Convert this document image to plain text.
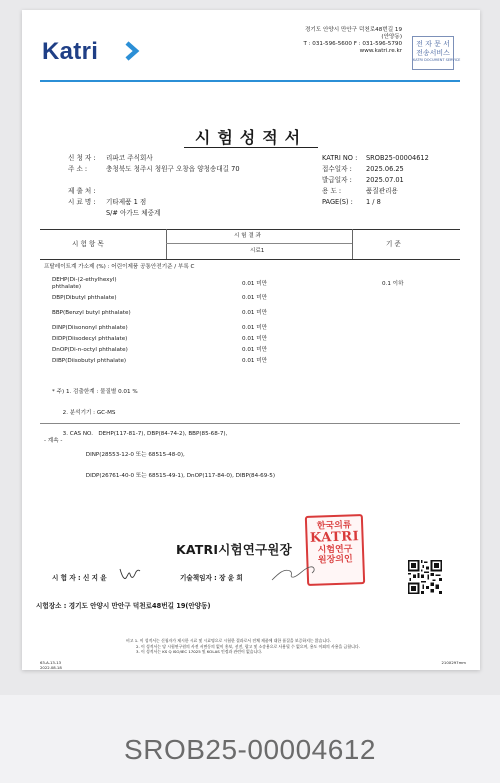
Katri
경기도 안양시 만안구 덕천로48번길 19
(안양동)
T : 031-596-5600 F : 031-596-5790
www.katri.re.kr
전 자 문 서
전송서비스
KATRI DOCUMENT SERVICE
시험성적서
신 청 자 : 리파코 주식회사
주 소 :	충청북도 청주시 청원구 오창읍 양청송대길 70
제 출 처 :
시 료 명 : 기타제품 1 점
S/# 아가드 체중계
KATRI NO : SROB25-00004612
접수일자 : 2025.06.25
발급일자 : 2025.07.01
용 도 :	품질관리용
PAGE(S) : 1 / 8
시 험 항 목
시 험 결 과
시료1
기 준
프탈레이트계 가소제 (%) : 어린이제품 공통안전기준 / 부록 C
DEHP(Di-(2-ethylhexyl)
phthalate)	0.01 미만	0.1 이하
DBP(Dibutyl phthalate)	0.01 미만
BBP(Benzyl butyl phthalate)	0.01 미만
DINP(Diisononyl phthalate)	0.01 미만
DIDP(Diisodecyl phthalate)	0.01 미만
DnOP(Di-n-octyl phthalate)	0.01 미만
DIBP(Diisobutyl phthalate)	0.01 미만

* 주) 1. 검출한계 : 물질별 0.01 %

2. 분석기기 : GC-MS

3. CAS NO.   DEHP(117-81-7), DBP(84-74-2), BBP(85-68-7),

DINP(28553-12-0 또는 68515-48-0),

DIDP(26761-40-0 또는 68515-49-1), DnOP(117-84-0), DIBP(84-69-5)

- 계속 -
KATRI시험연구원장
한국의류
KATRI
시험연구
원장의인
시 험 자 : 신 지 윤	기술책임자 : 장 윤 희
시험장소 : 경기도 안양시 만안구 덕천로48번길 19(안양동)
비고 1. 이 성적서는 신청자가 제시한 시료 및 시료명으로 시험한 결과로서 전체 제품에 대한 품질을 보증하지는 않습니다.
2. 이 성적서는 당 시험연구원의 사전 서면동의 없이 홍보, 선전, 광고 및 소송용으로 사용될 수 없으며, 용도 이외의 사용을 금합니다.
3. 이 성적서는 KS Q ISO/IEC 17025 및 KOLAS 인정과 관련이 없습니다.
63-A-13-13
2022.08.18
210X297mm
SROB25-00004612
